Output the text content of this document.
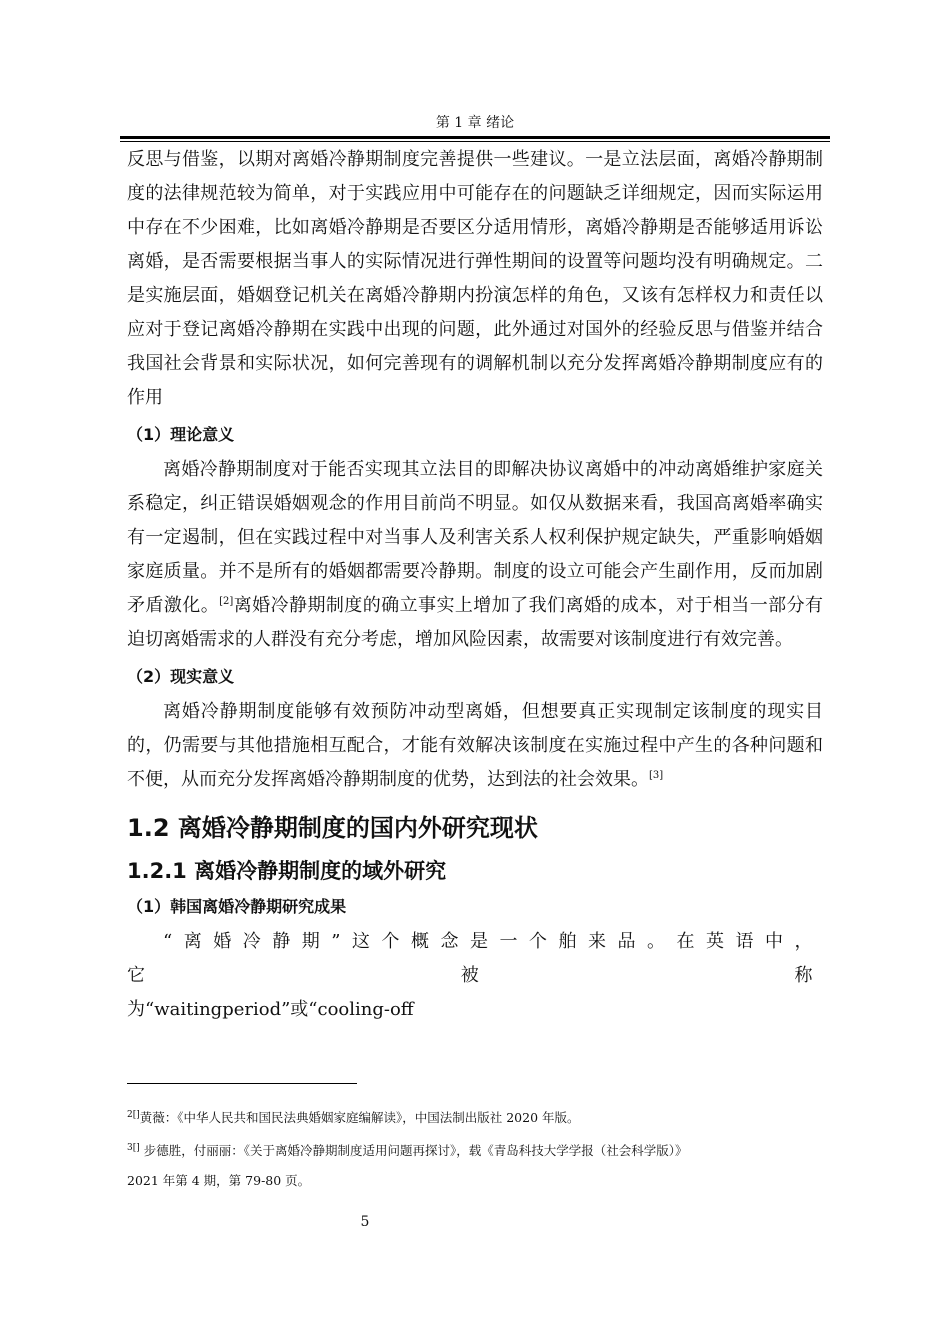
第 1 章 绪论

反思与借鉴，以期对离婚冷静期制度完善提供一些建议。一是立法层面，离婚冷静期制度的法律规范较为简单，对于实践应用中可能存在的问题缺乏详细规定，因而实际运用中存在不少困难，比如离婚冷静期是否要区分适用情形，离婚冷静期是否能够适用诉讼离婚，是否需要根据当事人的实际情况进行弹性期间的设置等问题均没有明确规定。二是实施层面，婚姻登记机关在离婚冷静期内扮演怎样的角色，又该有怎样权力和责任以应对于登记离婚冷静期在实践中出现的问题，此外通过对国外的经验反思与借鉴并结合我国社会背景和实际状况，如何完善现有的调解机制以充分发挥离婚冷静期制度应有的作用

（1）理论意义

离婚冷静期制度对于能否实现其立法目的即解决协议离婚中的冲动离婚维护家庭关系稳定，纠正错误婚姻观念的作用目前尚不明显。如仅从数据来看，我国高离婚率确实有一定遏制，但在实践过程中对当事人及利害关系人权利保护规定缺失，严重影响婚姻家庭质量。并不是所有的婚姻都需要冷静期。制度的设立可能会产生副作用，反而加剧矛盾激化。[2]离婚冷静期制度的确立事实上增加了我们离婚的成本，对于相当一部分有迫切离婚需求的人群没有充分考虑，增加风险因素，故需要对该制度进行有效完善。

（2）现实意义

离婚冷静期制度能够有效预防冲动型离婚，但想要真正实现制定该制度的现实目的，仍需要与其他措施相互配合，才能有效解决该制度在实施过程中产生的各种问题和不便，从而充分发挥离婚冷静期制度的优势，达到法的社会效果。[3]

1.2 离婚冷静期制度的国内外研究现状
1.2.1 离婚冷静期制度的域外研究
（1）韩国离婚冷静期研究成果

“离婚冷静期”这个概念是一个舶来品。在英语中，它被称

为“waitingperiod”或“cooling-off

$^{2[]}$黄薇：《中华人民共和国民法典婚姻家庭编解读》，中国法制出版社 2020 年版。

$^{3[]}$ 步德胜，付丽丽：《关于离婚冷静期制度适用问题再探讨》，载《青岛科技大学学报（社会科学版）》

2021 年第 4 期，第 79-80 页。

5
